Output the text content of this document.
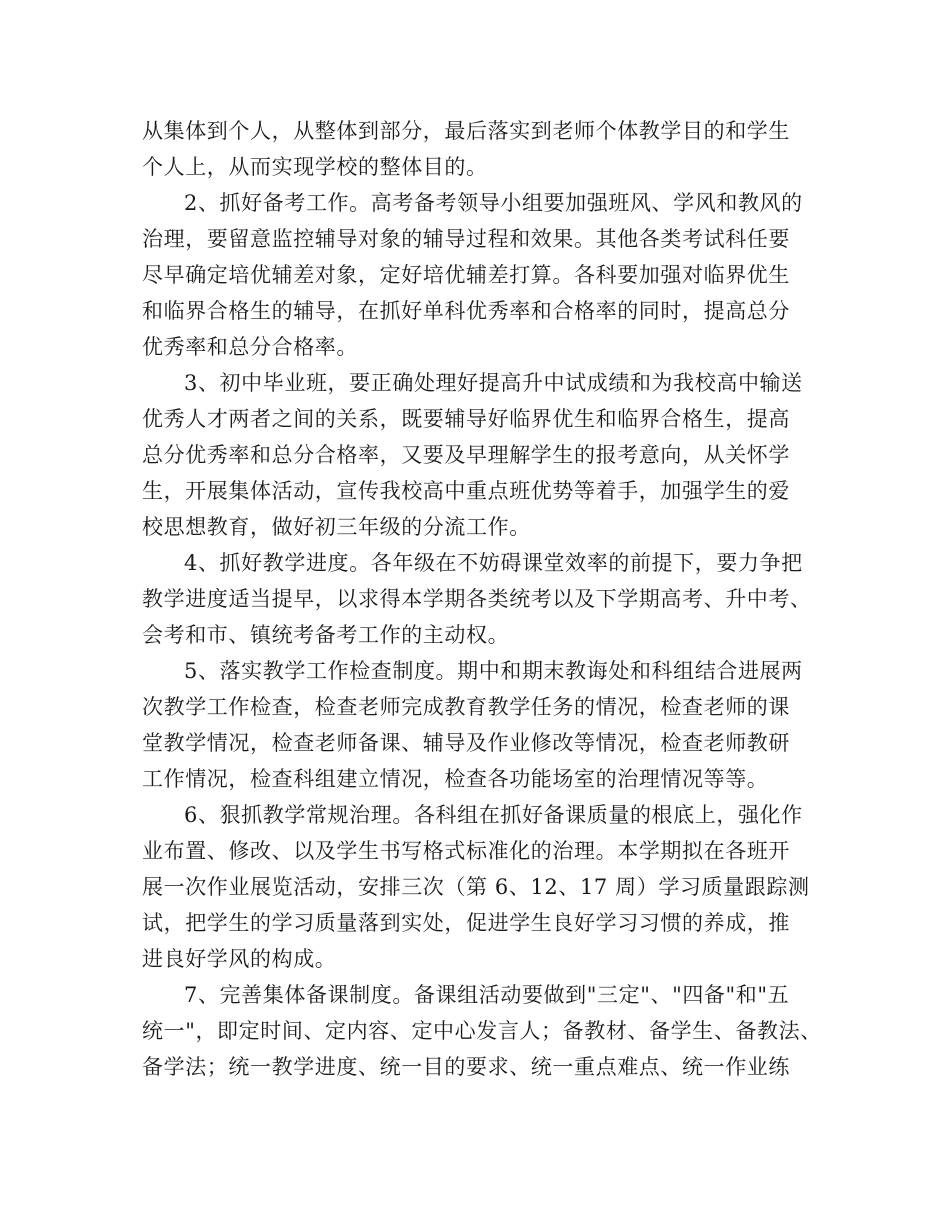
从集体到个人，从整体到部分，最后落实到老师个体教学目的和学生
个人上，从而实现学校的整体目的。
2、抓好备考工作。高考备考领导小组要加强班风、学风和教风的
治理，要留意监控辅导对象的辅导过程和效果。其他各类考试科任要
尽早确定培优辅差对象，定好培优辅差打算。各科要加强对临界优生
和临界合格生的辅导，在抓好单科优秀率和合格率的同时，提高总分
优秀率和总分合格率。
3、初中毕业班，要正确处理好提高升中试成绩和为我校高中输送
优秀人才两者之间的关系，既要辅导好临界优生和临界合格生，提高
总分优秀率和总分合格率，又要及早理解学生的报考意向，从关怀学
生，开展集体活动，宣传我校高中重点班优势等着手，加强学生的爱
校思想教育，做好初三年级的分流工作。
4、抓好教学进度。各年级在不妨碍课堂效率的前提下，要力争把
教学进度适当提早，以求得本学期各类统考以及下学期高考、升中考、
会考和市、镇统考备考工作的主动权。
5、落实教学工作检查制度。期中和期末教诲处和科组结合进展两
次教学工作检查，检查老师完成教育教学任务的情况，检查老师的课
堂教学情况，检查老师备课、辅导及作业修改等情况，检查老师教研
工作情况，检查科组建立情况，检查各功能场室的治理情况等等。
6、狠抓教学常规治理。各科组在抓好备课质量的根底上，强化作
业布置、修改、以及学生书写格式标准化的治理。本学期拟在各班开
展一次作业展览活动，安排三次（第 6、12、17 周）学习质量跟踪测
试，把学生的学习质量落到实处，促进学生良好学习习惯的养成，推
进良好学风的构成。
7、完善集体备课制度。备课组活动要做到"三定"、"四备"和"五
统一"，即定时间、定内容、定中心发言人；备教材、备学生、备教法、
备学法；统一教学进度、统一目的要求、统一重点难点、统一作业练
